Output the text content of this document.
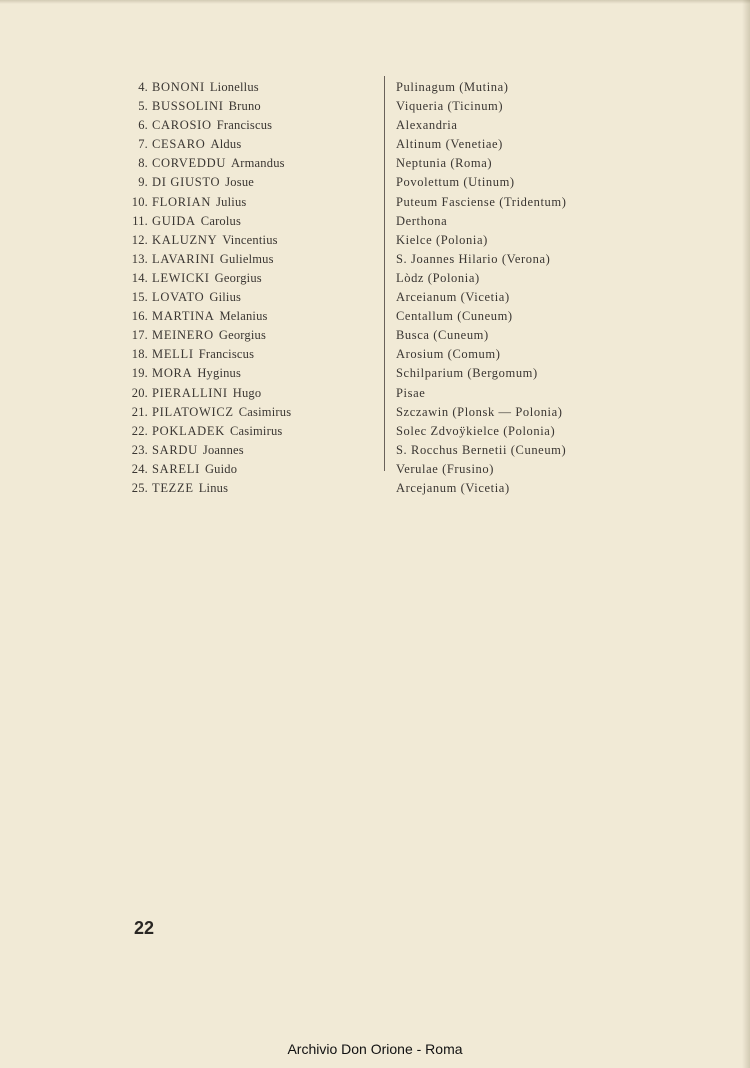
4. BONONI Lionellus
5. BUSSOLINI Bruno
6. CAROSIO Franciscus
7. CESARO Aldus
8. CORVEDDU Armandus
9. DI GIUSTO Josue
10. FLORIAN Julius
11. GUIDA Carolus
12. KALUZNY Vincentius
13. LAVARINI Gulielmus
14. LEWICKI Georgius
15. LOVATO Gilius
16. MARTINA Melanius
17. MEINERO Georgius
18. MELLI Franciscus
19. MORA Hyginus
20. PIERALLINI Hugo
21. PILATOWICZ Casimirus
22. POKLADEK Casimirus
23. SARDU Joannes
24. SARELI Guido
25. TEZZE Linus
Pulinagum (Mutina)
Viqueria (Ticinum)
Alexandria
Altinum (Venetiae)
Neptunia (Roma)
Povolettum (Utinum)
Puteum Fasciense (Tridentum)
Derthona
Kielce (Polonia)
S. Joannes Hilario (Verona)
Lòdz (Polonia)
Arceianum (Vicetia)
Centallum (Cuneum)
Busca (Cuneum)
Arosium (Comum)
Schilparium (Bergomum)
Pisae
Szczawin (Plonsk — Polonia)
Solec Zdvoÿkielce (Polonia)
S. Rocchus Bernetii (Cuneum)
Verulae (Frusino)
Arcejanum (Vicetia)
22
Archivio Don Orione - Roma
